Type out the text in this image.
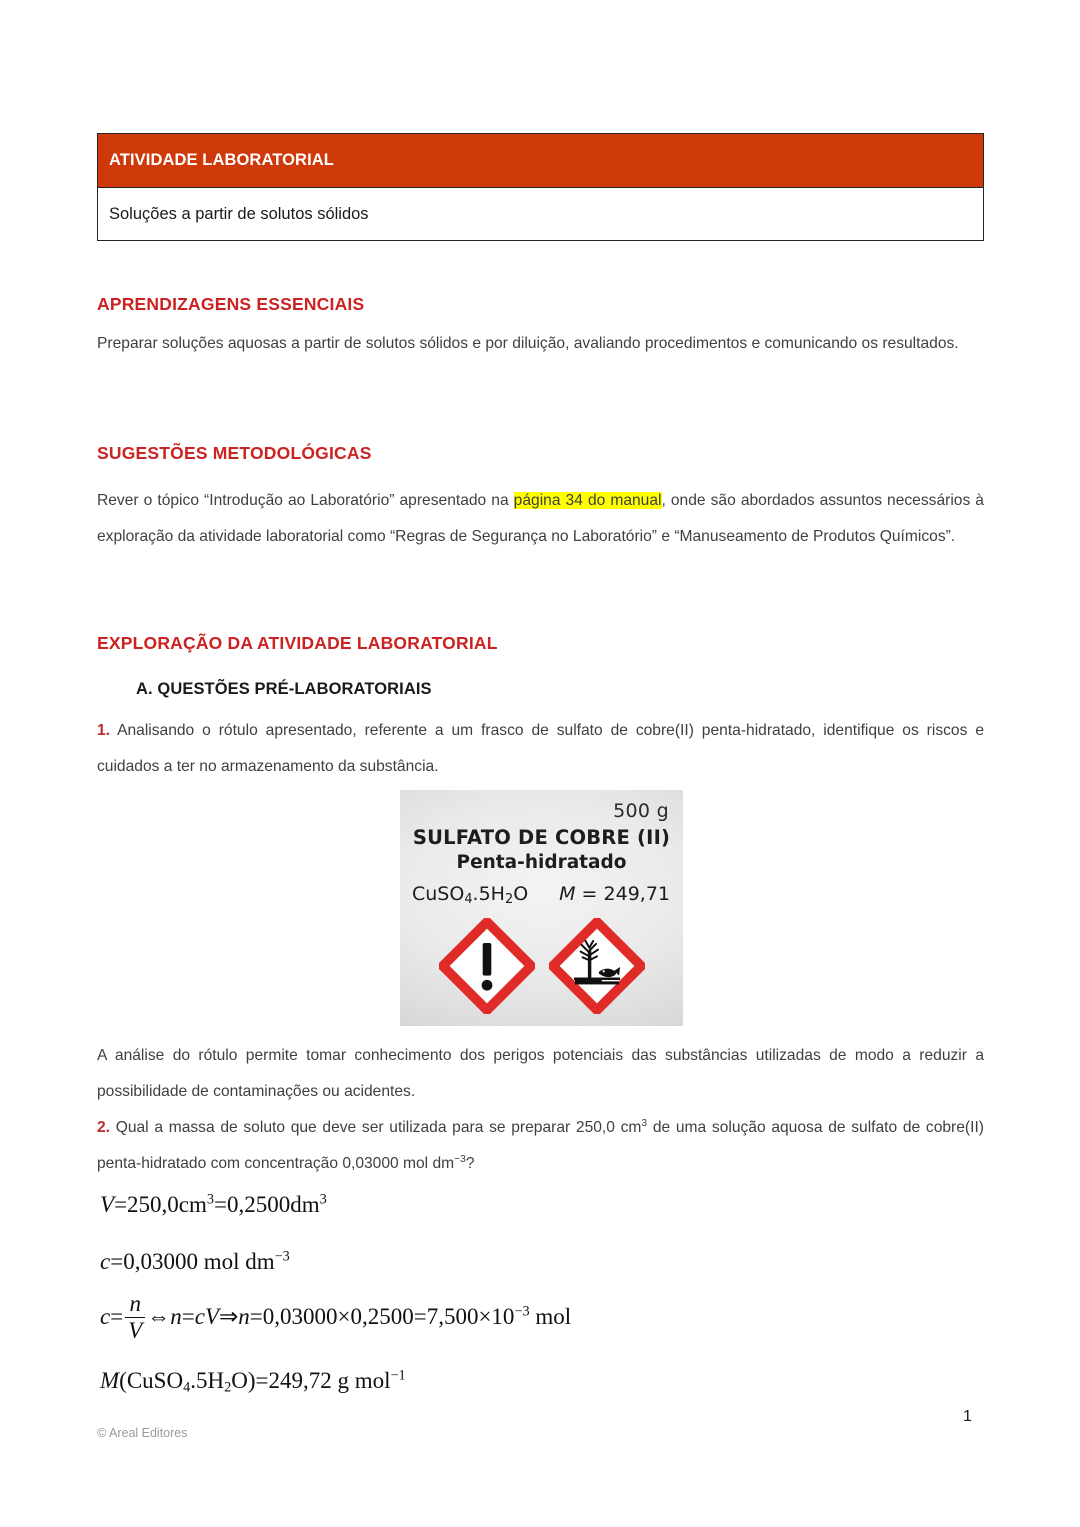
ATIVIDADE LABORATORIAL
Soluções a partir de solutos sólidos
APRENDIZAGENS ESSENCIAIS
Preparar soluções aquosas a partir de solutos sólidos e por diluição, avaliando procedimentos e comunicando os resultados.
SUGESTÕES METODOLÓGICAS
Rever o tópico “Introdução ao Laboratório” apresentado na página 34 do manual, onde são abordados assuntos necessários à exploração da atividade laboratorial como “Regras de Segurança no Laboratório” e “Manuseamento de Produtos Químicos”.
EXPLORAÇÃO DA ATIVIDADE LABORATORIAL
A. QUESTÕES PRÉ-LABORATORIAIS
1. Analisando o rótulo apresentado, referente a um frasco de sulfato de cobre(II) penta-hidratado, identifique os riscos e cuidados a ter no armazenamento da substância.
500 g
SULFATO DE COBRE (II)
Penta-hidratado
$CuSO_4.5H_2O$ M = 249,71
A análise do rótulo permite tomar conhecimento dos perigos potenciais das substâncias utilizadas de modo a reduzir a possibilidade de contaminações ou acidentes.
2. Qual a massa de soluto que deve ser utilizada para se preparar 250,0 $cm^3$ de uma solução aquosa de sulfato de cobre(II) penta-hidratado com concentração 0,03000 mol $dm^{-3}$?
$V=250,0cm^3=0,2500dm^3$
c=0,03000 mol $dm^{-3}$
$c= \frac{n}{V}$ $\Leftrightarrow n=cV\Rightarrow n=0,03000\times 0,2500=7,500\times 10^{-3}$ mol
$M(CuSO_4.5H_2O)=249,72$ g mol$^{-1}$
© Areal Editores
1
